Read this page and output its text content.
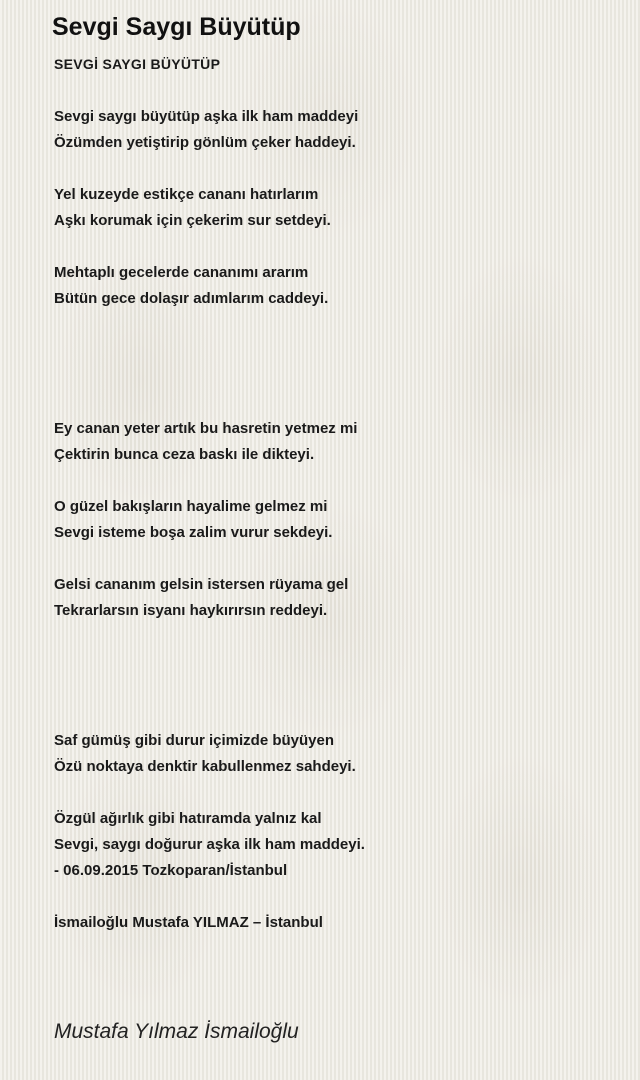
Sevgi Saygı Büyütüp
SEVGİ SAYGI BÜYÜTÜP
Sevgi saygı büyütüp aşka ilk ham maddeyi
Özümden yetiştirip gönlüm çeker haddeyi.
Yel kuzeyde estikçe cananı hatırlarım
Aşkı korumak için çekerim sur setdeyi.
Mehtaplı gecelerde cananımı ararım
Bütün gece dolaşır adımlarım caddeyi.
Ey canan yeter artık bu hasretin yetmez mi
Çektirin bunca ceza baskı ile dikteyi.
O güzel bakışların hayalime gelmez mi
Sevgi isteme boşa zalim vurur sekdeyi.
Gelsi cananım gelsin istersen rüyama gel
Tekrarlarsın isyanı haykırırsın reddeyi.
Saf gümüş gibi durur içimizde büyüyen
Özü noktaya denktir kabullenmez sahdeyi.
Özgül ağırlık gibi hatıramda yalnız kal
Sevgi, saygı doğurur aşka ilk ham maddeyi.
- 06.09.2015 Tozkoparan/İstanbul
İsmailoğlu Mustafa YILMAZ – İstanbul
Mustafa Yılmaz İsmailoğlu
